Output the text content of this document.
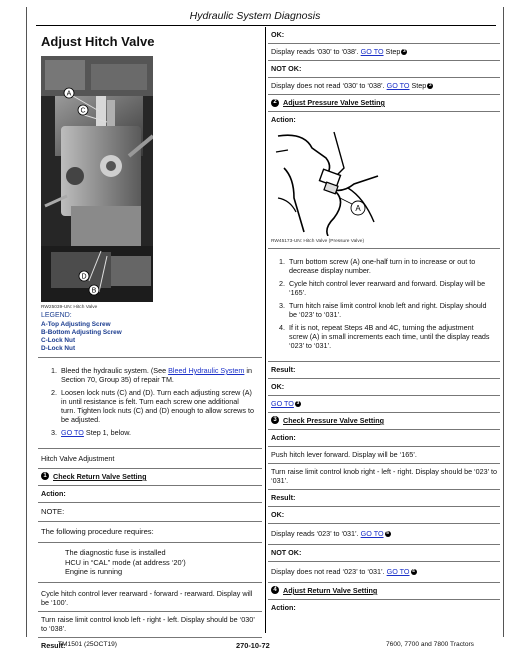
Hydraulic System Diagnosis
Adjust Hitch Valve
A
C
D
B
RW25039-UN: Hitch Valve
LEGEND:
A-Top Adjusting Screw
B-Bottom Adjusting Screw
C-Lock Nut
D-Lock Nut
1. Bleed the hydraulic system. (See Bleed Hydraulic System in Section 70, Group 35) of repair TM.
2. Loosen lock nuts (C) and (D). Turn each adjusting screw (A) in until resistance is felt. Turn each screw one additional turn. Tighten lock nuts (C) and (D) enough to allow screws to be adjusted.
3. GO TO Step 1, below.
Hitch Valve Adjustment
1 Check Return Valve Setting
Action:
NOTE:
The following procedure requires:
The diagnostic fuse is installed
HCU in “CAL” mode (at address ‘20’)
Engine is running
Cycle hitch control lever rearward - forward - rearward. Display will be ‘100’.
Turn raise limit control knob left - right - left. Display should be ‘030’ to ‘038’.
Result:
OK:
Display reads ‘030’ to ‘038’. GO TO Step 3
NOT OK:
Display does not read ‘030’ to ‘038’. GO TO Step 2
2 Adjust Pressure Valve Setting
Action:
A
RW45173-UN: Hitch Valve (Pressure Valve)
1. Turn bottom screw (A) one-half turn in to increase or out to decrease display number.
2. Cycle hitch control lever rearward and forward. Display will be ‘165’.
3. Turn hitch raise limit control knob left and right. Display should be ‘023’ to ‘031’.
4. If it is not, repeat Steps 4B and 4C, turning the adjustment screw (A) in small increments each time, until the display reads ‘023’ to ‘031’.
Result:
OK:
GO TO 3
3 Check Pressure Valve Setting
Action:
Push hitch lever forward. Display will be ‘165’.
Turn raise limit control knob right - left - right. Display should be ‘023’ to ‘031’.
Result:
OK:
Display reads ‘023’ to ‘031’. GO TO 5
NOT OK:
Display does not read ‘023’ to ‘031’. GO TO 4
4 Adjust Return Valve Setting
Action:
TM1501 (25OCT19)	270-10-72	7600, 7700 and 7800 Tractors
